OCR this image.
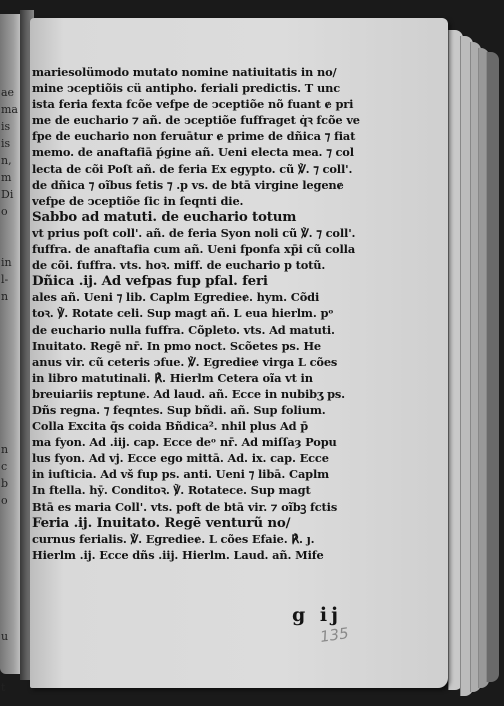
ae
ma
is
is
n,
m
Di
o

in
l-
n

n
c
b
o

u

t
mariesolümodo mutato nomine natiuitatis in no/
mine ↄceptiõis cü antipho. feriali predictis. T unc
ista feria fexta fcõe vefpe de ↄceptiõe nõ fuant ɇ pri
me de euchario ⁊ añ. de ↄceptiõe fuffraget q̇ꝛ fcõe ve
fpe de euchario non feruātur ɇ prime de dñica ⁊ fiat
memo. de anaftafiā ṕgine añ. Ueni electa mea. ⁊ col
lecta de cõi Poſt añ. de feria Ex egypto. cũ ℣. ⁊ coll'.
de dñica ⁊ oĩbus fetis ⁊ .p vs. de btā virgine legenɇ
vefpe de ↄceptiõe ſic in ſeqnti die.
Sabbo ad matuti. de euchario totum
vt prius poſt coll'. añ. de feria Syon noli cũ ℣. ⁊ coll'.
fuffra. de anaftafia cum añ. Ueni fponfa xp̄i cũ colla
de cõi. fuffra. vts. hoꝛ. miff. de euchario p totũ.
Dñica .ij. Ad vefpas fup pfal. feri
ales añ. Ueni ⁊ lib. Caplm Egredieɇ. hym. Cõdi
toꝛ. ℣. Rotate celi. Sup magt añ. L eua hierlm. pᵒ
de euchario nulla fuffra. Cõpleto. vts. Ad matuti.
Inuitato. Regē nr̄. In pmo noct. Scõetes ps. He
anus vir. cũ ceteris ɔfue. ℣. Egredieɇ virga L cões
in libro matutinali. ℟. Hierlm Cetera oĩa vt in
breuiariis reptunɇ. Ad laud. añ. Ecce in nubibʒ ps.
Dñs regna. ⁊ feqntes. Sup bñdi. añ. Sup folium.
Colla Excita q̄s coida Bñdica². nhil plus Ad p̄
ma fyon. Ad .iij. cap. Ecce deᵒ nr̄. Ad miſſaȝ Popu
lus fyon. Ad vj. Ecce ego mittā. Ad. ix. cap. Ecce
in iuſticia. Ad vš fup ps. anti. Ueni ⁊ libā. Caplm
In ftella. hȳ. Conditoꝛ. ℣. Rotatece. Sup magt
Btā es maria Coll'. vts. poft de btā vir. ⁊ oĩbꝫ fctis
Feria .ij. Inuitato. Regē venturũ no/
curnus ferialis. ℣. Egredieɇ. L cões Efaie. ℟. ȷ.
Hierlm .ij. Ecce dñs .iij. Hierlm. Laud. añ. Mife
g ij
135
